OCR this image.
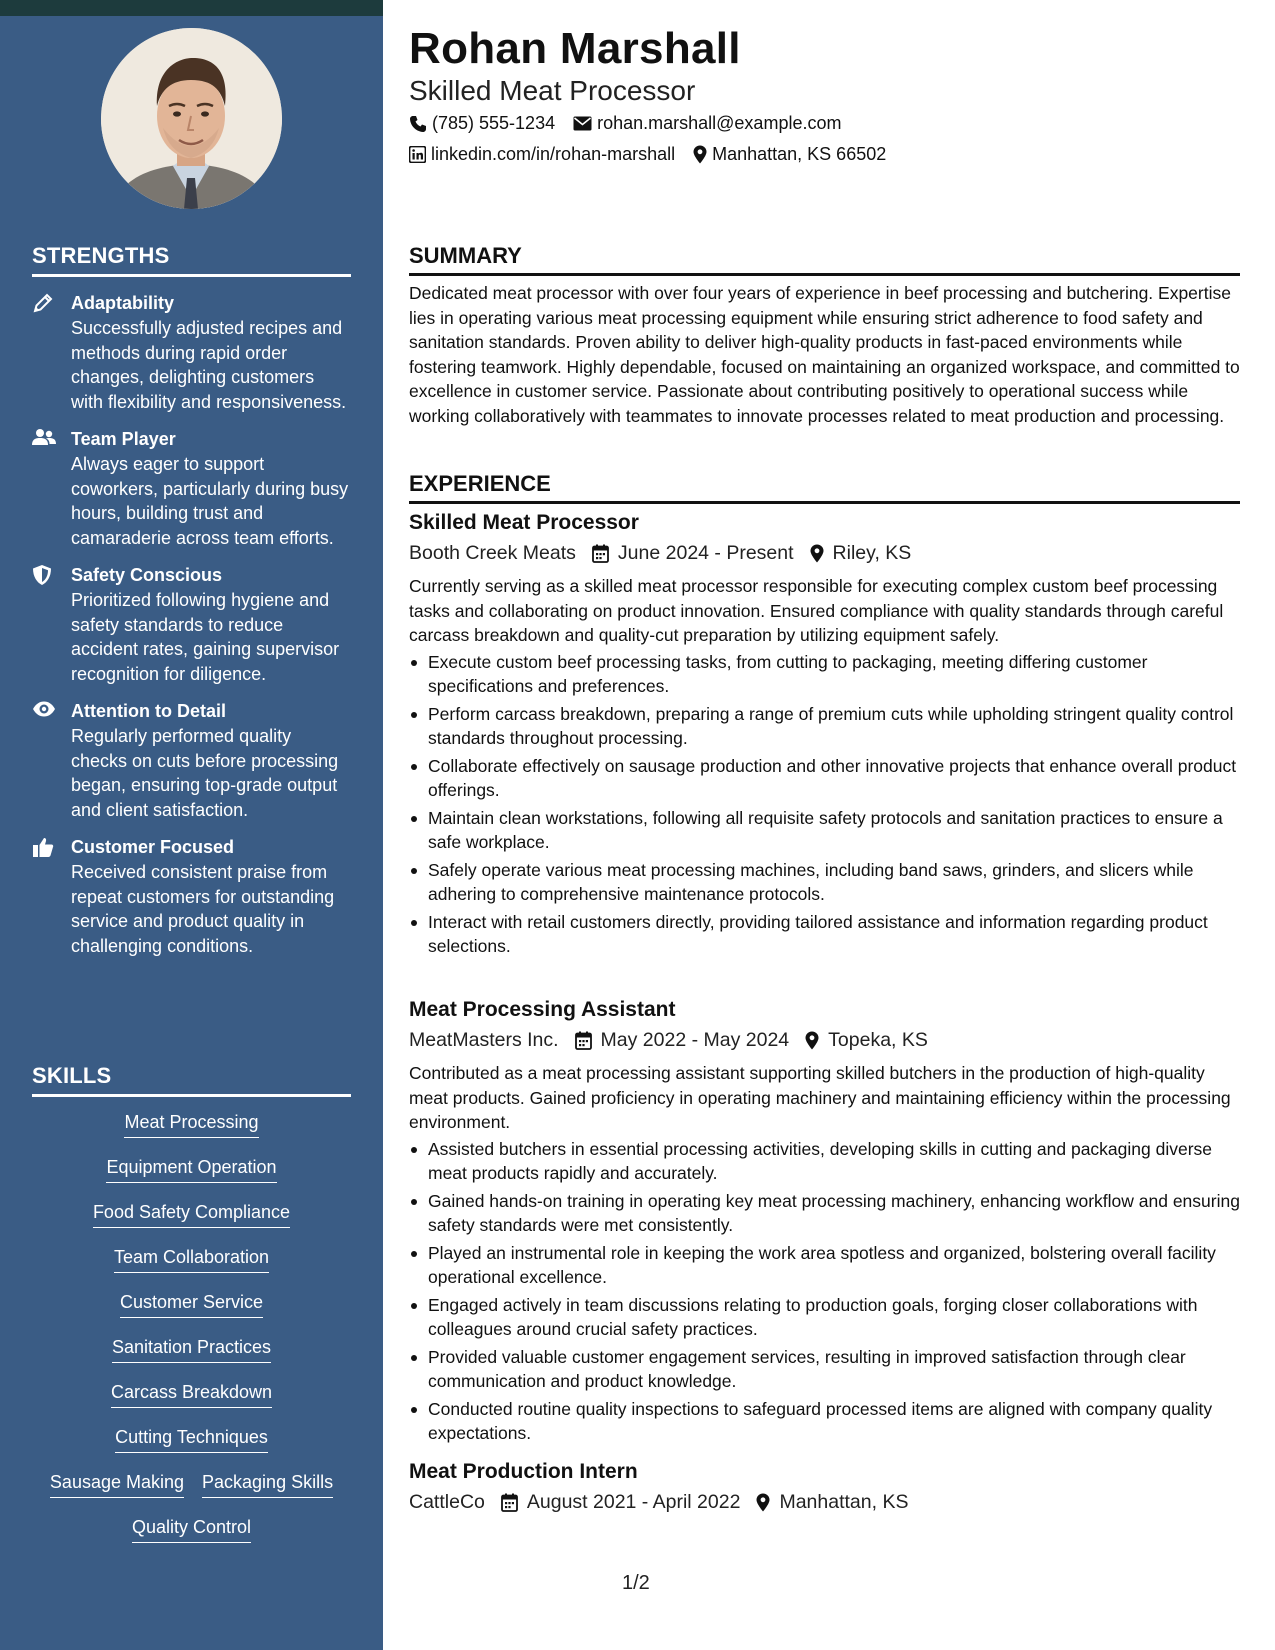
STRENGTHS
Adaptability
Successfully adjusted recipes and methods during rapid order changes, delighting customers with flexibility and responsiveness.
Team Player
Always eager to support coworkers, particularly during busy hours, building trust and camaraderie across team efforts.
Safety Conscious
Prioritized following hygiene and safety standards to reduce accident rates, gaining supervisor recognition for diligence.
Attention to Detail
Regularly performed quality checks on cuts before processing began, ensuring top-grade output and client satisfaction.
Customer Focused
Received consistent praise from repeat customers for outstanding service and product quality in challenging conditions.
SKILLS
Meat Processing
Equipment Operation
Food Safety Compliance
Team Collaboration
Customer Service
Sanitation Practices
Carcass Breakdown
Cutting Techniques
Sausage Making Packaging Skills
Quality Control
Rohan Marshall
Skilled Meat Processor
(785) 555-1234 rohan.marshall@example.com
linkedin.com/in/rohan-marshall Manhattan, KS 66502
SUMMARY
Dedicated meat processor with over four years of experience in beef processing and butchering. Expertise lies in operating various meat processing equipment while ensuring strict adherence to food safety and sanitation standards. Proven ability to deliver high-quality products in fast-paced environments while fostering teamwork. Highly dependable, focused on maintaining an organized workspace, and committed to excellence in customer service. Passionate about contributing positively to operational success while working collaboratively with teammates to innovate processes related to meat production and processing.
EXPERIENCE
Skilled Meat Processor
Booth Creek Meats June 2024 - Present Riley, KS
Currently serving as a skilled meat processor responsible for executing complex custom beef processing tasks and collaborating on product innovation. Ensured compliance with quality standards through careful carcass breakdown and quality-cut preparation by utilizing equipment safely.
Execute custom beef processing tasks, from cutting to packaging, meeting differing customer specifications and preferences.
Perform carcass breakdown, preparing a range of premium cuts while upholding stringent quality control standards throughout processing.
Collaborate effectively on sausage production and other innovative projects that enhance overall product offerings.
Maintain clean workstations, following all requisite safety protocols and sanitation practices to ensure a safe workplace.
Safely operate various meat processing machines, including band saws, grinders, and slicers while adhering to comprehensive maintenance protocols.
Interact with retail customers directly, providing tailored assistance and information regarding product selections.
Meat Processing Assistant
MeatMasters Inc. May 2022 - May 2024 Topeka, KS
Contributed as a meat processing assistant supporting skilled butchers in the production of high-quality meat products. Gained proficiency in operating machinery and maintaining efficiency within the processing environment.
Assisted butchers in essential processing activities, developing skills in cutting and packaging diverse meat products rapidly and accurately.
Gained hands-on training in operating key meat processing machinery, enhancing workflow and ensuring safety standards were met consistently.
Played an instrumental role in keeping the work area spotless and organized, bolstering overall facility operational excellence.
Engaged actively in team discussions relating to production goals, forging closer collaborations with colleagues around crucial safety practices.
Provided valuable customer engagement services, resulting in improved satisfaction through clear communication and product knowledge.
Conducted routine quality inspections to safeguard processed items are aligned with company quality expectations.
Meat Production Intern
CattleCo August 2021 - April 2022 Manhattan, KS
1/2
